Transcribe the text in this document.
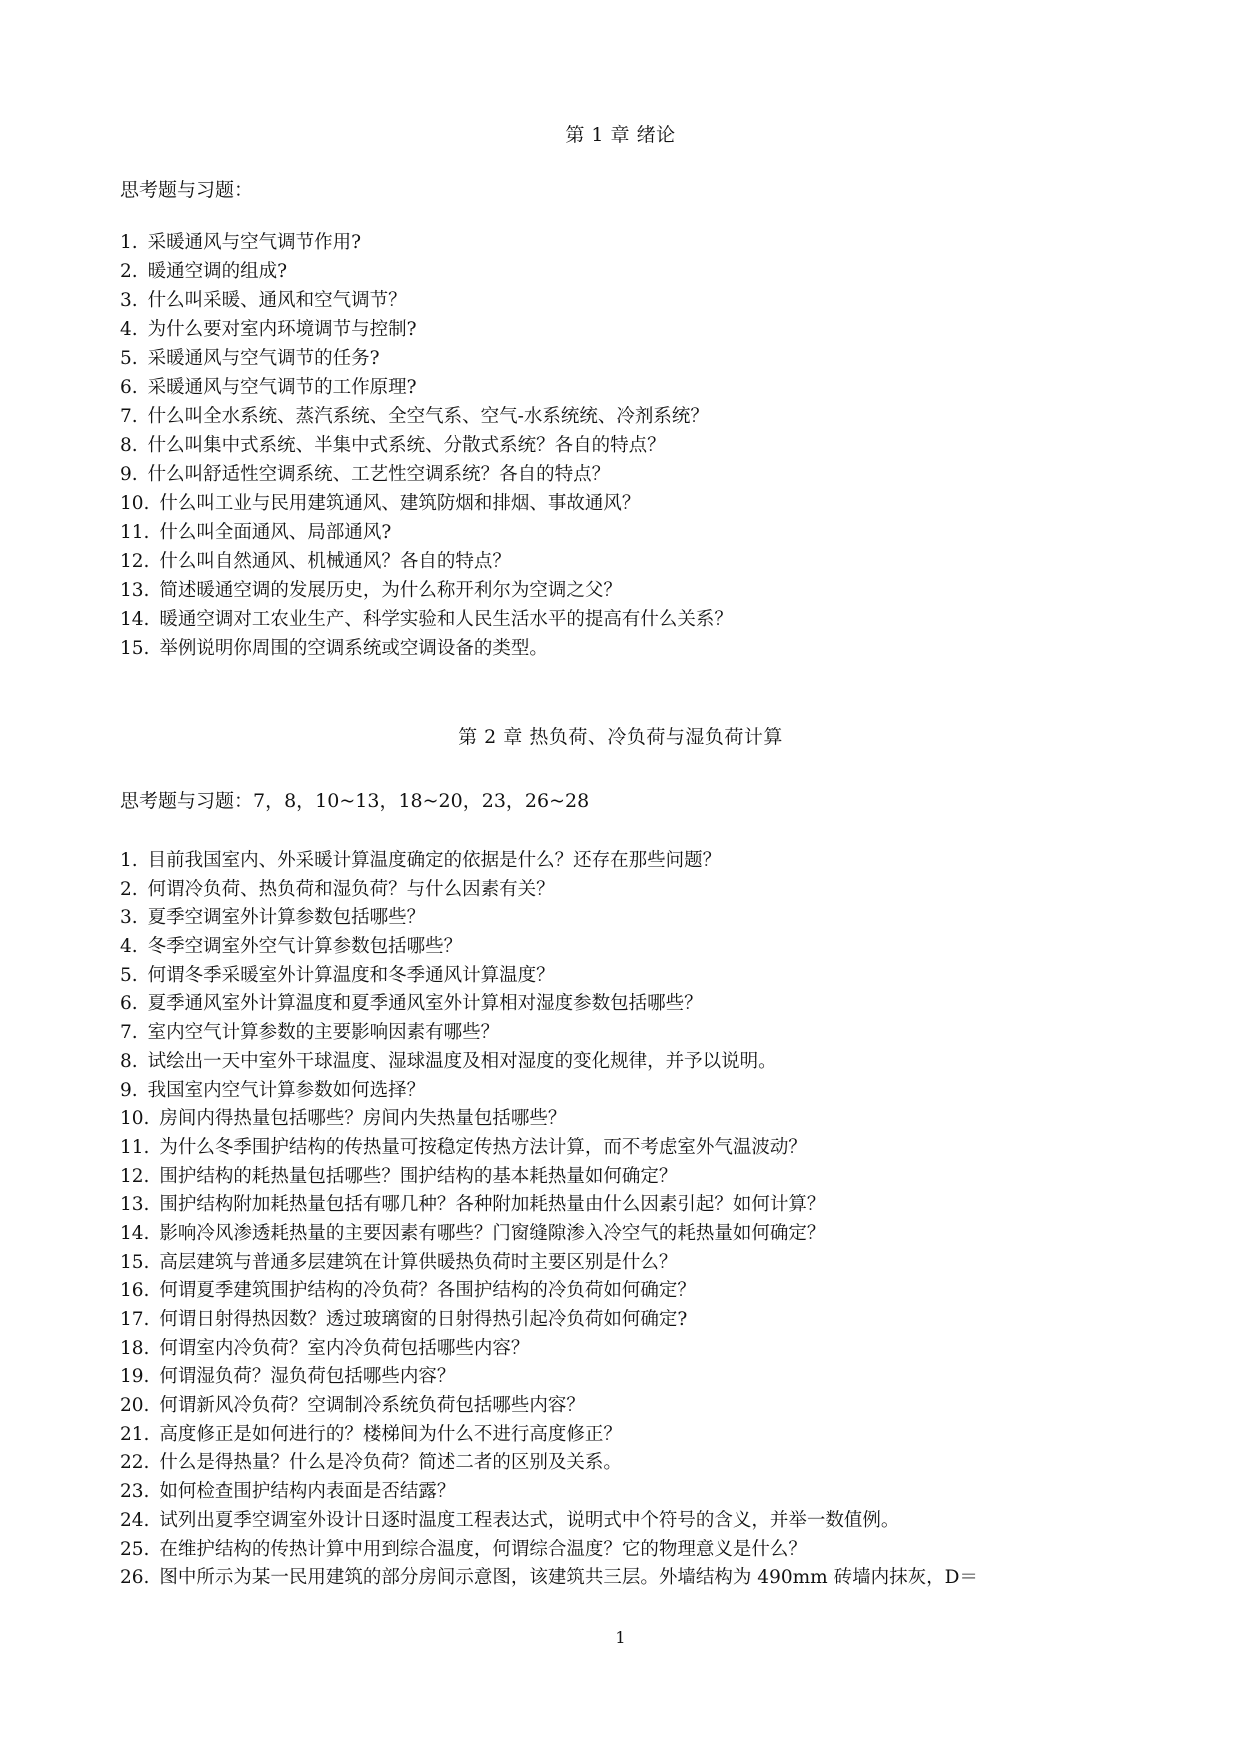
第 1 章 绪论
思考题与习题：
1. 采暖通风与空气调节作用?
2. 暖通空调的组成?
3. 什么叫采暖、通风和空气调节？
4. 为什么要对室内环境调节与控制?
5. 采暖通风与空气调节的任务?
6. 采暖通风与空气调节的工作原理?
7. 什么叫全水系统、蒸汽系统、全空气系、空气-水系统统、冷剂系统？
8. 什么叫集中式系统、半集中式系统、分散式系统？各自的特点？
9. 什么叫舒适性空调系统、工艺性空调系统？各自的特点？
10. 什么叫工业与民用建筑通风、建筑防烟和排烟、事故通风？
11. 什么叫全面通风、局部通风?
12. 什么叫自然通风、机械通风？各自的特点？
13. 简述暖通空调的发展历史，为什么称开利尔为空调之父？
14. 暖通空调对工农业生产、科学实验和人民生活水平的提高有什么关系？
15. 举例说明你周围的空调系统或空调设备的类型。
第 2 章 热负荷、冷负荷与湿负荷计算
思考题与习题：7，8，10~13，18~20，23，26~28
1. 目前我国室内、外采暖计算温度确定的依据是什么？还存在那些问题？
2. 何谓冷负荷、热负荷和湿负荷？与什么因素有关？
3. 夏季空调室外计算参数包括哪些？
4. 冬季空调室外空气计算参数包括哪些？
5. 何谓冬季采暖室外计算温度和冬季通风计算温度？
6. 夏季通风室外计算温度和夏季通风室外计算相对湿度参数包括哪些？
7. 室内空气计算参数的主要影响因素有哪些？
8. 试绘出一天中室外干球温度、湿球温度及相对湿度的变化规律，并予以说明。
9. 我国室内空气计算参数如何选择？
10. 房间内得热量包括哪些？房间内失热量包括哪些？
11. 为什么冬季围护结构的传热量可按稳定传热方法计算，而不考虑室外气温波动？
12. 围护结构的耗热量包括哪些？围护结构的基本耗热量如何确定？
13. 围护结构附加耗热量包括有哪几种？各种附加耗热量由什么因素引起？如何计算？
14. 影响冷风渗透耗热量的主要因素有哪些？门窗缝隙渗入冷空气的耗热量如何确定？
15. 高层建筑与普通多层建筑在计算供暖热负荷时主要区别是什么？
16. 何谓夏季建筑围护结构的冷负荷？各围护结构的冷负荷如何确定？
17. 何谓日射得热因数？透过玻璃窗的日射得热引起冷负荷如何确定?
18. 何谓室内冷负荷？室内冷负荷包括哪些内容？
19. 何谓湿负荷？湿负荷包括哪些内容？
20. 何谓新风冷负荷？空调制冷系统负荷包括哪些内容？
21. 高度修正是如何进行的？楼梯间为什么不进行高度修正？
22. 什么是得热量？什么是冷负荷？简述二者的区别及关系。
23. 如何检查围护结构内表面是否结露？
24. 试列出夏季空调室外设计日逐时温度工程表达式，说明式中个符号的含义，并举一数值例。
25. 在维护结构的传热计算中用到综合温度，何谓综合温度？它的物理意义是什么？
26. 图中所示为某一民用建筑的部分房间示意图，该建筑共三层。外墙结构为 490mm 砖墙内抹灰，D＝
1
